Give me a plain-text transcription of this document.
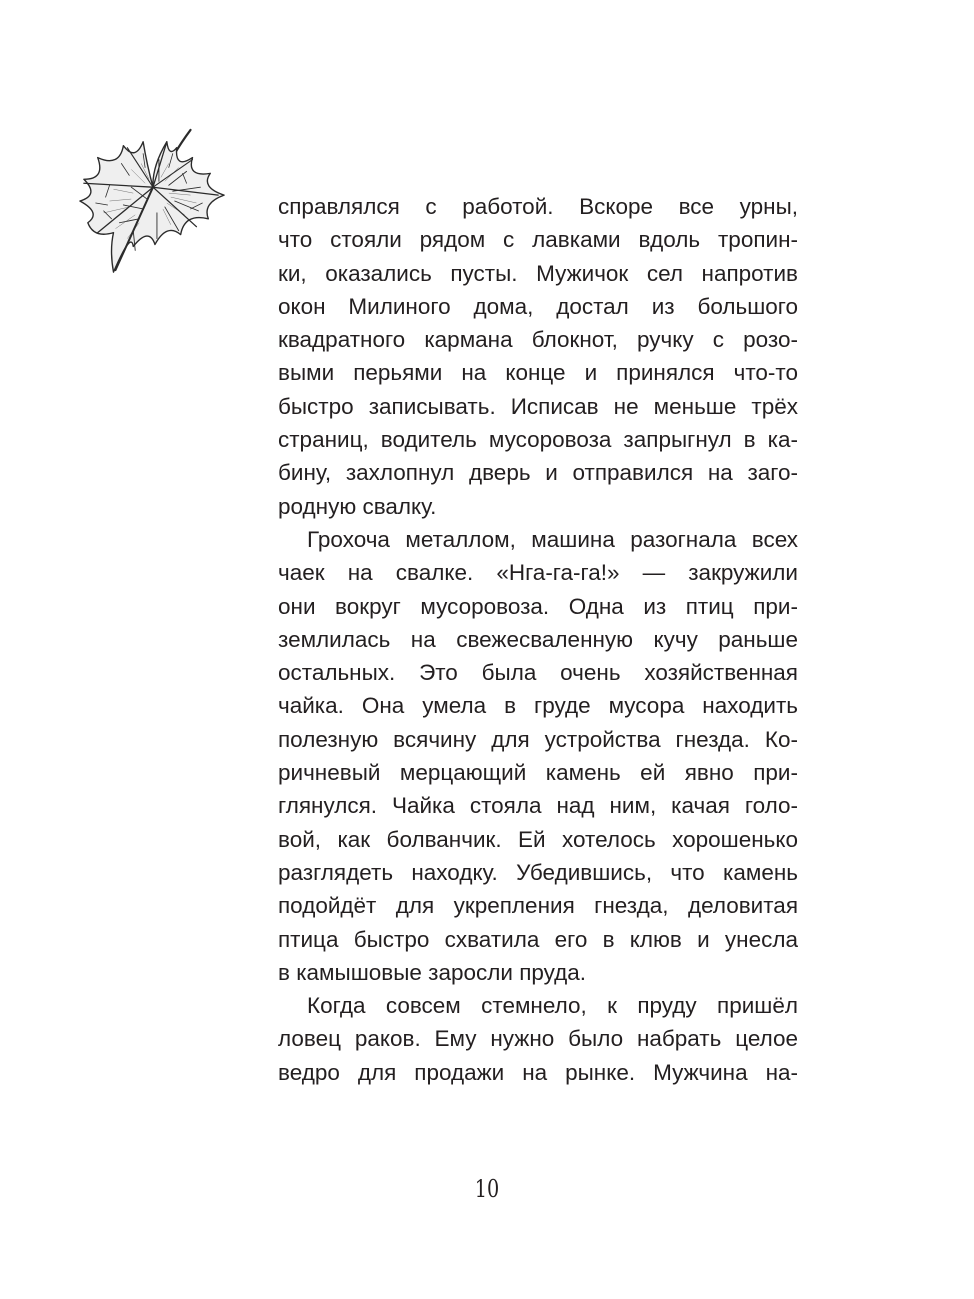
справлялся с работой. Вскоре все урны,
что стояли рядом с лавками вдоль тропин-
ки, оказались пусты. Мужичок сел напротив
окон Милиного дома, достал из большого
квадратного кармана блокнот, ручку с розо-
выми перьями на конце и принялся что-то
быстро записывать. Исписав не меньше трёх
страниц, водитель мусоровоза запрыгнул в ка-
бину, захлопнул дверь и отправился на заго-
родную свалку.
Грохоча металлом, машина разогнала всех
чаек на свалке. «Нга-га-га!» — закружили
они вокруг мусоровоза. Одна из птиц при-
землилась на свежесваленную кучу раньше
остальных. Это была очень хозяйственная
чайка. Она умела в груде мусора находить
полезную всячину для устройства гнезда. Ко-
ричневый мерцающий камень ей явно при-
глянулся. Чайка стояла над ним, качая голо-
вой, как болванчик. Ей хотелось хорошенько
разглядеть находку. Убедившись, что камень
подойдёт для укрепления гнезда, деловитая
птица быстро схватила его в клюв и унесла
в камышовые заросли пруда.
Когда совсем стемнело, к пруду пришёл
ловец раков. Ему нужно было набрать целое
ведро для продажи на рынке. Мужчина на-
10
